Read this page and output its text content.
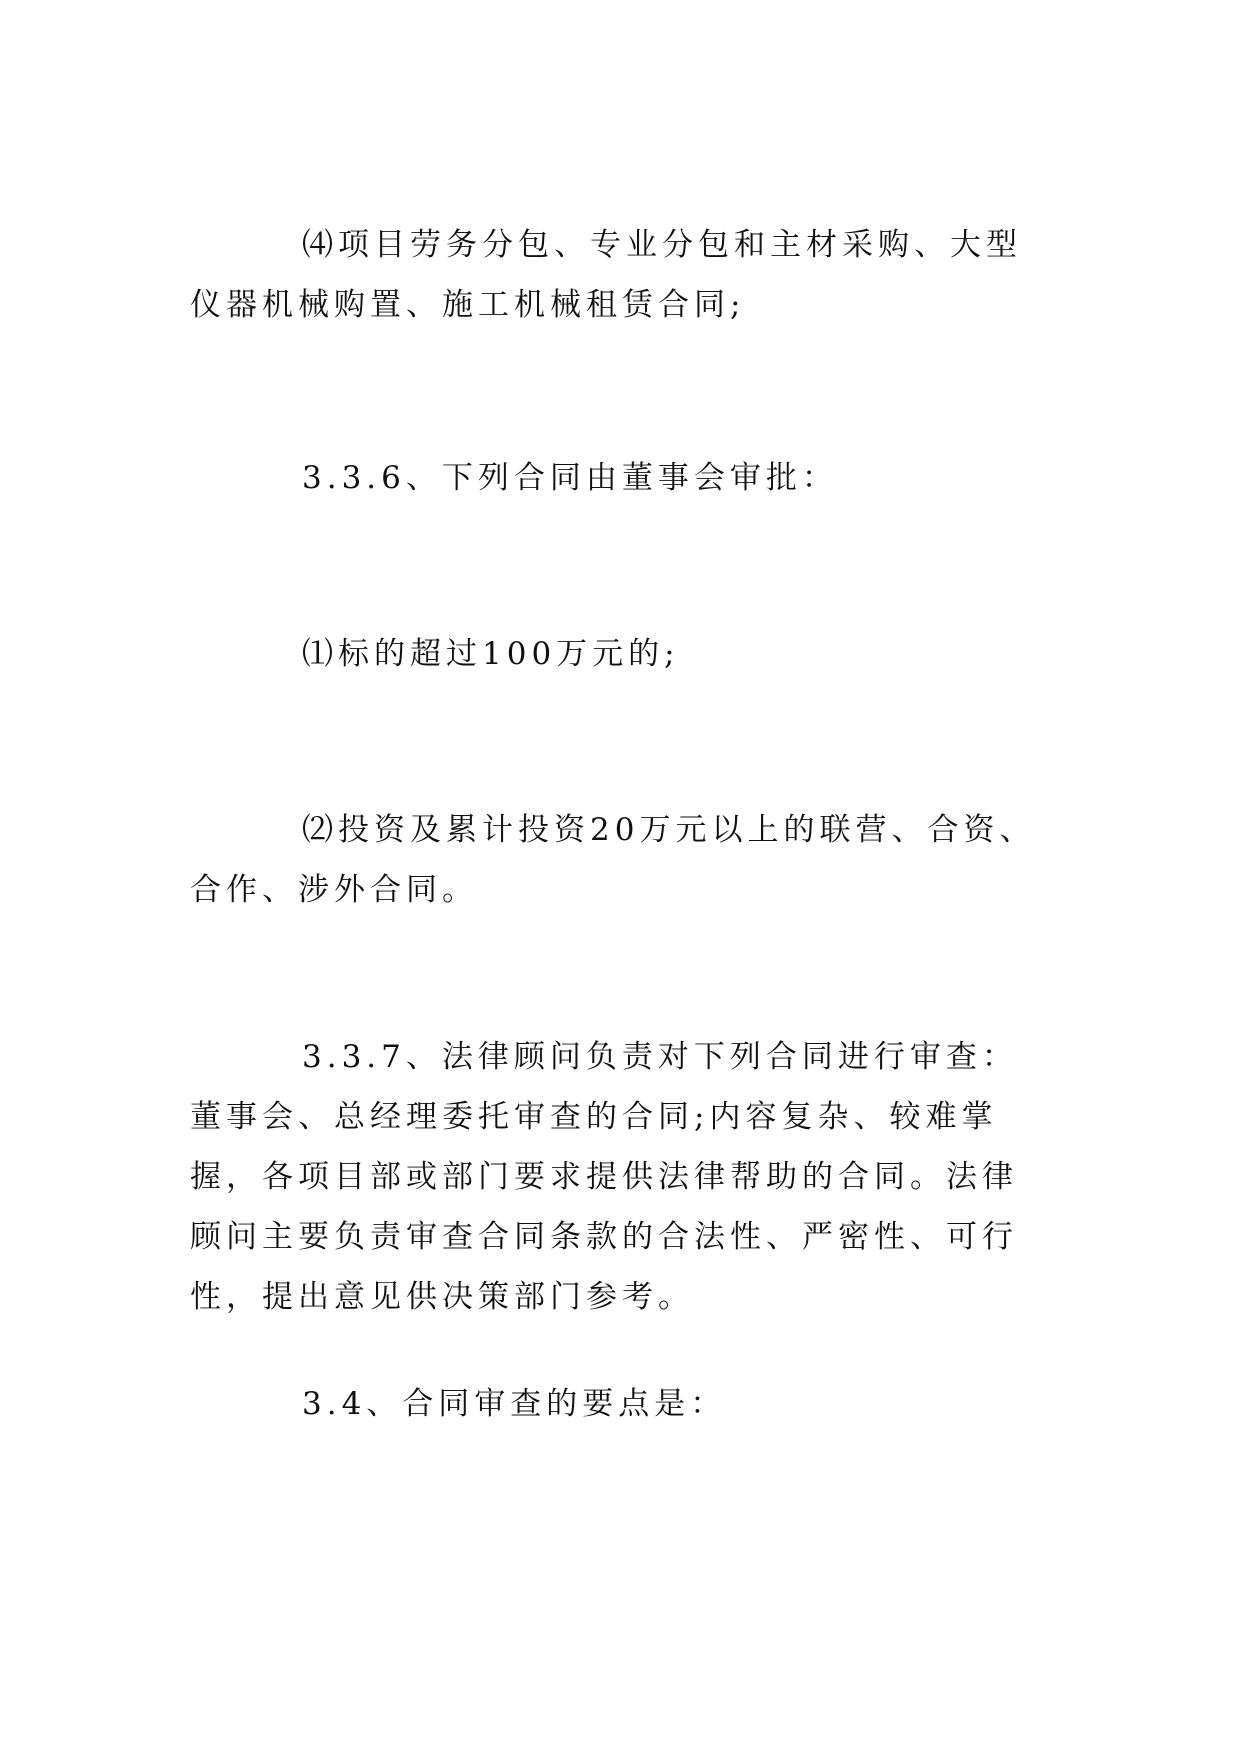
⑷项目劳务分包、专业分包和主材采购、大型仪器机械购置、施工机械租赁合同;

3.3.6、下列合同由董事会审批：

⑴标的超过100万元的;

⑵投资及累计投资20万元以上的联营、合资、合作、涉外合同。

3.3.7、法律顾问负责对下列合同进行审查：董事会、总经理委托审查的合同;内容复杂、较难掌握，各项目部或部门要求提供法律帮助的合同。法律顾问主要负责审查合同条款的合法性、严密性、可行性，提出意见供决策部门参考。

3.4、合同审查的要点是：
